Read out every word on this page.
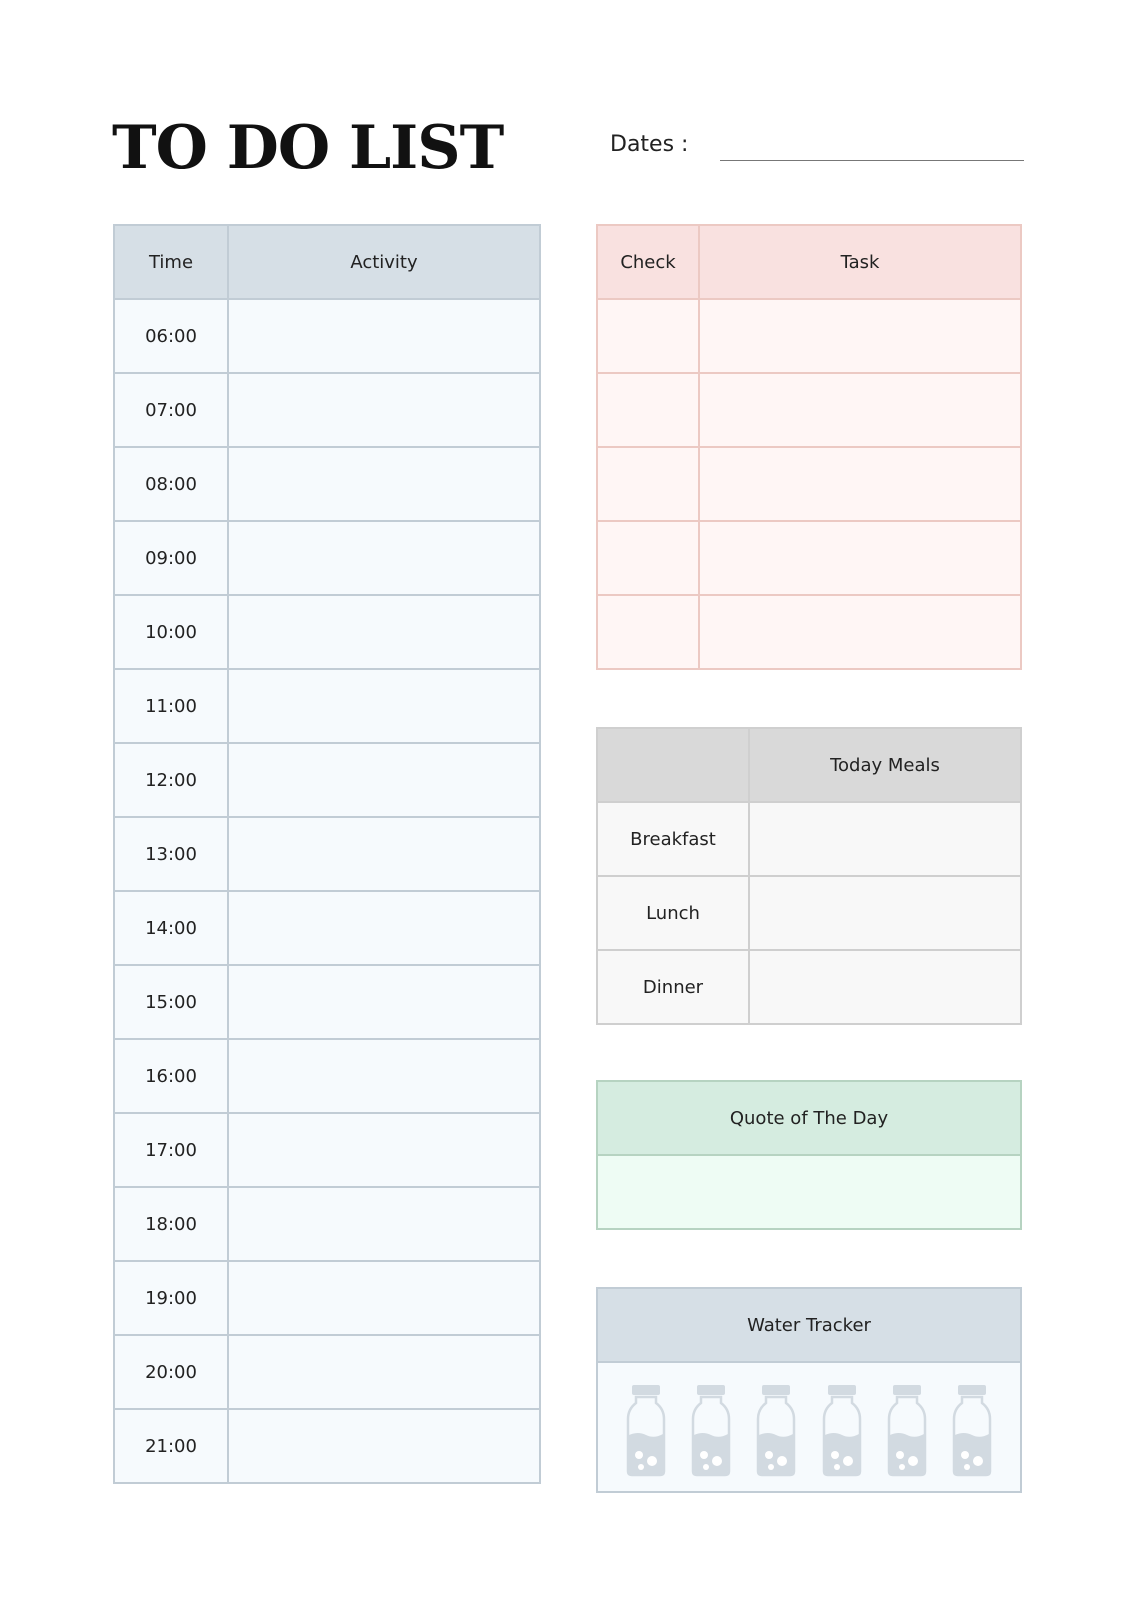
TO DO LIST	Dates :
Time	Activity
06:00	
07:00	
08:00	
09:00	
10:00	
11:00	
12:00	
13:00	
14:00	
15:00	
16:00	
17:00	
18:00	
19:00	
20:00	
21:00	
Check	Task

	Today Meals
Breakfast	
Lunch	
Dinner	
Quote of The Day

Water Tracker
